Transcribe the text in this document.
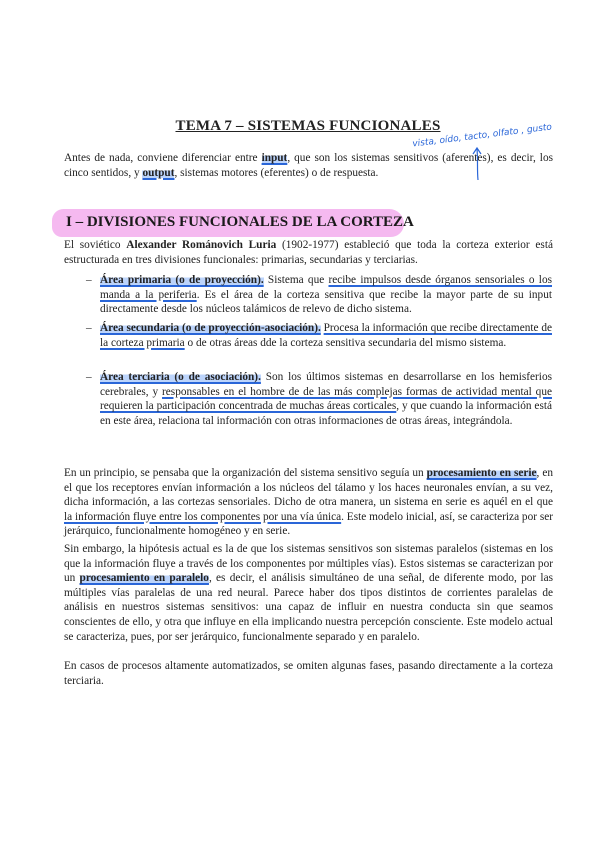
TEMA 7 – SISTEMAS FUNCIONALES
vista, oído, tacto, olfato , gusto

Antes de nada, conviene diferenciar entre input, que son los sistemas sensitivos (aferentes), es decir, los cinco sentidos, y output, sistemas motores (eferentes) o de respuesta.

I – DIVISIONES FUNCIONALES DE LA CORTEZA

El soviético Alexander Románovich Luria (1902-1977) estableció que toda la corteza exterior está estructurada en tres divisiones funcionales: primarias, secundarias y terciarias.

– Área primaria (o de proyección). Sistema que recibe impulsos desde órganos sensoriales o los manda a la periferia. Es el área de la corteza sensitiva que recibe la mayor parte de su input directamente desde los núcleos talámicos de relevo de dicho sistema.

– Área secundaria (o de proyección-asociación). Procesa la información que recibe directamente de la corteza primaria o de otras áreas dde la corteza sensitiva secundaria del mismo sistema.

– Área terciaria (o de asociación). Son los últimos sistemas en desarrollarse en los hemisferios cerebrales, y responsables en el hombre de de las más complejas formas de actividad mental que requieren la participación concentrada de muchas áreas corticales, y que cuando la información está en este área, relaciona tal información con otras informaciones de otras áreas, integrándola.

En un principio, se pensaba que la organización del sistema sensitivo seguía un procesamiento en serie, en el que los receptores envían información a los núcleos del tálamo y los haces neuronales envían, a su vez, dicha información, a las cortezas sensoriales. Dicho de otra manera, un sistema en serie es aquél en el que la información fluye entre los componentes por una vía única. Este modelo inicial, así, se caracteriza por ser jerárquico, funcionalmente homogéneo y en serie.

Sin embargo, la hipótesis actual es la de que los sistemas sensitivos son sistemas paralelos (sistemas en los que la información fluye a través de los componentes por múltiples vías). Estos sistemas se caracterizan por un procesamiento en paralelo, es decir, el análisis simultáneo de una señal, de diferente modo, por las múltiples vías paralelas de una red neural. Parece haber dos tipos distintos de corrientes paralelas de análisis en nuestros sistemas sensitivos: una capaz de influir en nuestra conducta sin que seamos conscientes de ello, y otra que influye en ella implicando nuestra percepción consciente. Este modelo actual se caracteriza, pues, por ser jerárquico, funcionalmente separado y en paralelo.

En casos de procesos altamente automatizados, se omiten algunas fases, pasando directamente a la corteza terciaria.
